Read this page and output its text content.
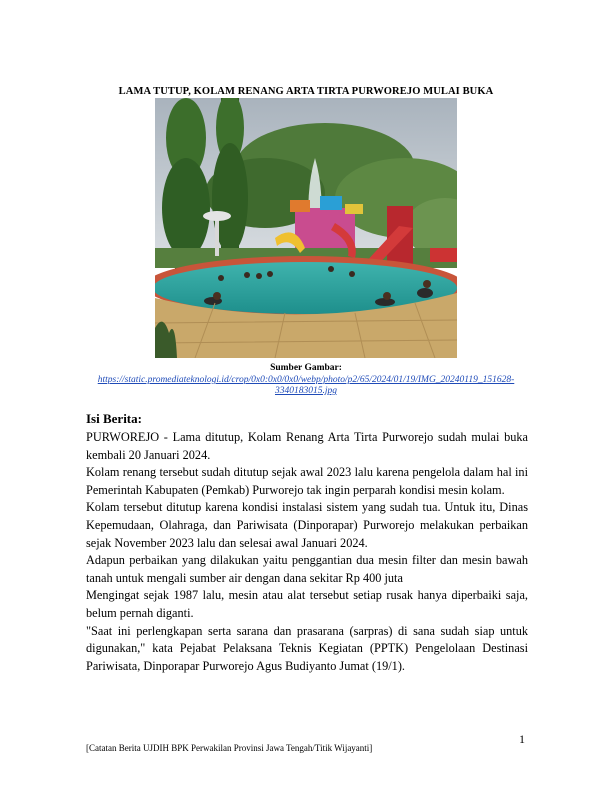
LAMA TUTUP, KOLAM RENANG ARTA TIRTA PURWOREJO MULAI BUKA
Sumber Gambar:
https://static.promediateknologi.id/crop/0x0:0x0/0x0/webp/photo/p2/65/2024/01/19/IMG_20240119_151628-3340183015.jpg
Isi Berita:

PURWOREJO - Lama ditutup, Kolam Renang Arta Tirta Purworejo sudah mulai buka kembali 20 Januari 2024.

Kolam renang tersebut sudah ditutup sejak awal 2023 lalu karena pengelola dalam hal ini Pemerintah Kabupaten (Pemkab) Purworejo tak ingin perparah kondisi mesin kolam.

Kolam tersebut ditutup karena kondisi instalasi sistem yang sudah tua. Untuk itu, Dinas Kepemudaan, Olahraga, dan Pariwisata (Dinporapar) Purworejo melakukan perbaikan sejak November 2023 lalu dan selesai awal Januari 2024.

Adapun perbaikan yang dilakukan yaitu penggantian dua mesin filter dan mesin bawah tanah untuk mengali sumber air dengan dana sekitar Rp 400 juta

Mengingat sejak 1987 lalu, mesin atau alat tersebut setiap rusak hanya diperbaiki saja, belum pernah diganti.

"Saat ini perlengkapan serta sarana dan prasarana (sarpras) di sana sudah siap untuk digunakan," kata Pejabat Pelaksana Teknis Kegiatan (PPTK) Pengelolaan Destinasi Pariwisata, Dinporapar Purworejo Agus Budiyanto Jumat (19/1).

1
[Catatan Berita UJDIH BPK Perwakilan Provinsi Jawa Tengah/Titik Wijayanti]
